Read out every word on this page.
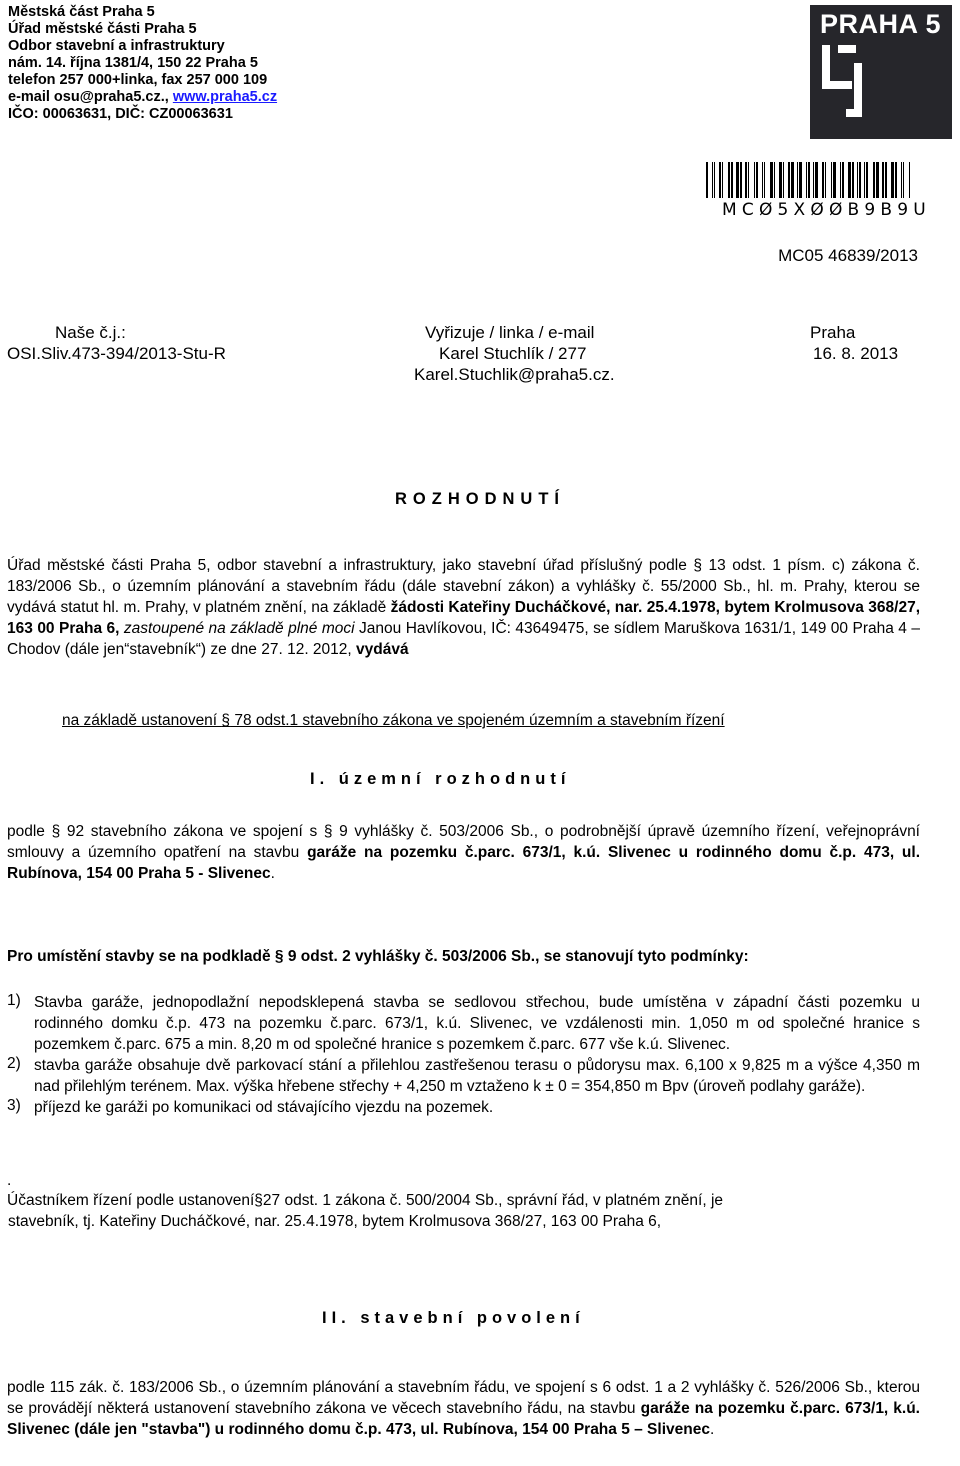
Městská část Praha 5
Úřad městské části Praha 5
Odbor stavební a infrastruktury
nám. 14. října 1381/4, 150 22 Praha 5
telefon 257 000+linka, fax 257 000 109
e-mail osu@praha5.cz., www.praha5.cz
IČO: 00063631, DIČ: CZ00063631
PRAHA 5
MCØ5XØØB9B9U
MC05 46839/2013
Naše č.j.:
OSI.Sliv.473-394/2013-Stu-R
Vyřizuje / linka / e-mail
Karel Stuchlík / 277
Karel.Stuchlik@praha5.cz.
Praha
16. 8. 2013
ROZHODNUTÍ
Úřad městské části Praha 5, odbor stavební a infrastruktury, jako stavební úřad příslušný podle § 13 odst. 1 písm. c) zákona č. 183/2006 Sb., o územním plánování a stavebním řádu (dále stavební zákon) a vyhlášky č. 55/2000 Sb., hl. m. Prahy, kterou se vydává statut hl. m. Prahy, v platném znění, na základě žádosti Kateřiny Ducháčkové, nar. 25.4.1978, bytem Krolmusova 368/27, 163 00 Praha 6, zastoupené na základě plné moci Janou Havlíkovou, IČ: 43649475, se sídlem Maruškova 1631/1, 149 00 Praha 4 – Chodov (dále jen“stavebník“) ze dne 27. 12. 2012, vydává
na základě ustanovení § 78 odst.1 stavebního zákona ve spojeném územním a stavebním řízení
I. územní rozhodnutí
podle § 92 stavebního zákona ve spojení s § 9 vyhlášky č. 503/2006 Sb., o podrobnější úpravě územního řízení, veřejnoprávní smlouvy a územního opatření na stavbu garáže na pozemku č.parc. 673/1, k.ú. Slivenec u rodinného domu č.p. 473, ul. Rubínova, 154 00 Praha 5 - Slivenec.
Pro umístění stavby se na podkladě § 9 odst. 2 vyhlášky č. 503/2006 Sb., se stanovují tyto podmínky:
1) Stavba garáže, jednopodlažní nepodsklepená stavba se sedlovou střechou, bude umístěna v západní části pozemku u rodinného domku č.p. 473 na pozemku č.parc. 673/1, k.ú. Slivenec, ve vzdálenosti min. 1,050 m od společné hranice s pozemkem č.parc. 675 a min. 8,20 m od společné hranice s pozemkem č.parc. 677 vše k.ú. Slivenec.
2) stavba garáže obsahuje dvě parkovací stání a přilehlou zastřešenou terasu o půdorysu max. 6,100 x 9,825 m a výšce 4,350 m nad přilehlým terénem. Max. výška hřebene střechy + 4,250 m vztaženo k ± 0 = 354,850 m Bpv (úroveň podlahy garáže).
3) příjezd ke garáži po komunikaci od stávajícího vjezdu na pozemek.
.
Účastníkem řízení podle ustanovení § 27 odst. 1 zákona č. 500/2004 Sb., správní řád, v platném znění, je
stavebník, tj. Kateřiny Ducháčkové, nar. 25.4.1978, bytem Krolmusova 368/27, 163 00 Praha 6,
II. stavební povolení
podle 115 zák. č. 183/2006 Sb., o územním plánování a stavebním řádu, ve spojení s 6 odst. 1 a 2 vyhlášky č. 526/2006 Sb., kterou se provádějí některá ustanovení stavebního zákona ve věcech stavebního řádu, na stavbu garáže na pozemku č.parc. 673/1, k.ú. Slivenec (dále jen "stavba") u rodinného domu č.p. 473, ul. Rubínova, 154 00 Praha 5 – Slivenec.
